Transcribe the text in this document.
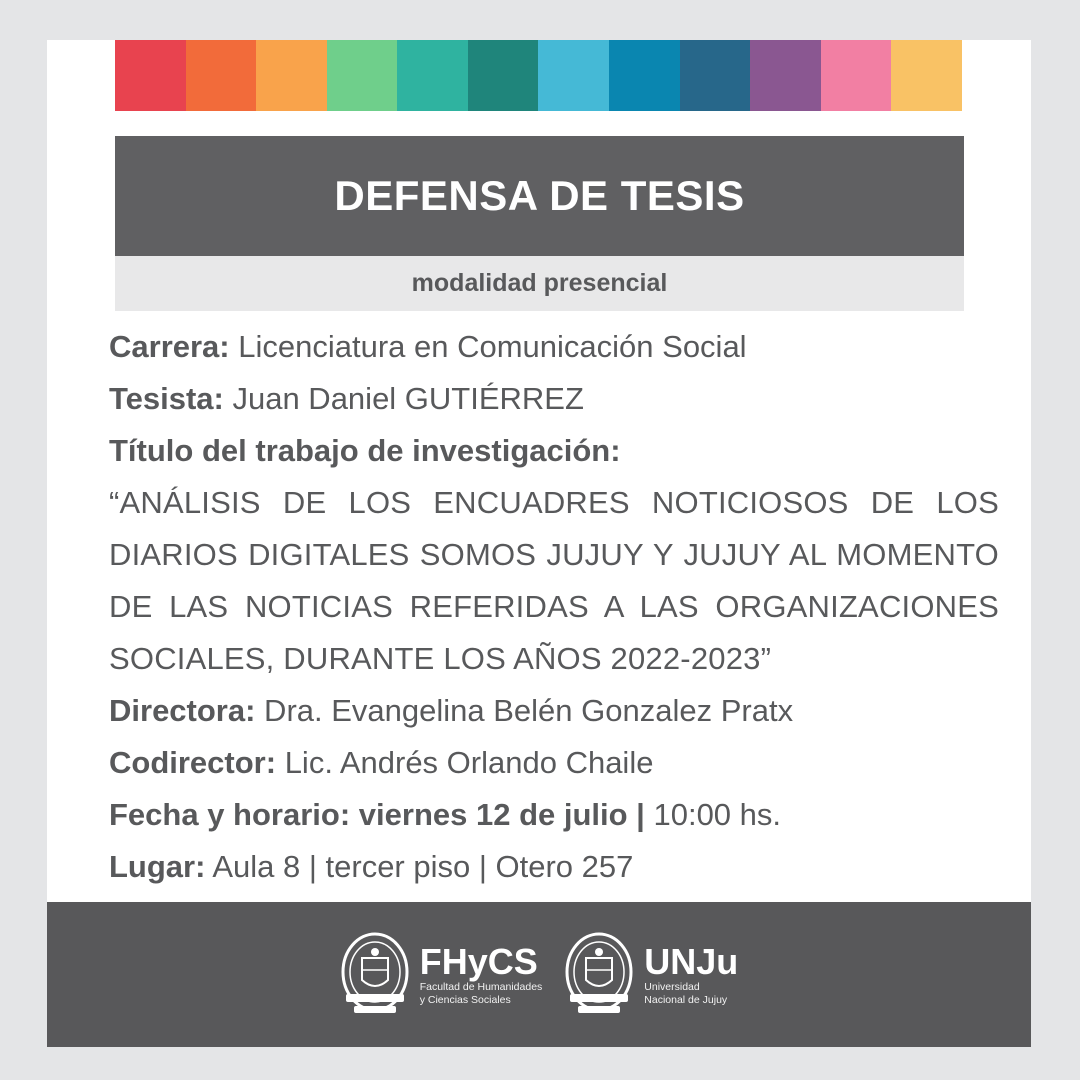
DEFENSA DE TESIS
modalidad presencial
Carrera: Licenciatura en Comunicación Social
Tesista: Juan Daniel GUTIÉRREZ
Título del trabajo de investigación:
“ANÁLISIS DE LOS ENCUADRES NOTICIOSOS DE LOS DIARIOS DIGITALES SOMOS JUJUY Y JUJUY AL MOMENTO DE LAS NOTICIAS REFERIDAS A LAS ORGANIZACIONES SOCIALES, DURANTE LOS AÑOS 2022-2023”
Directora: Dra. Evangelina Belén Gonzalez Pratx
Codirector: Lic. Andrés Orlando Chaile
Fecha y horario: viernes 12 de julio | 10:00 hs.
Lugar: Aula 8 | tercer piso | Otero 257
FHyCS
Facultad de Humanidades
y Ciencias Sociales
UNJu
Universidad
Nacional de Jujuy
